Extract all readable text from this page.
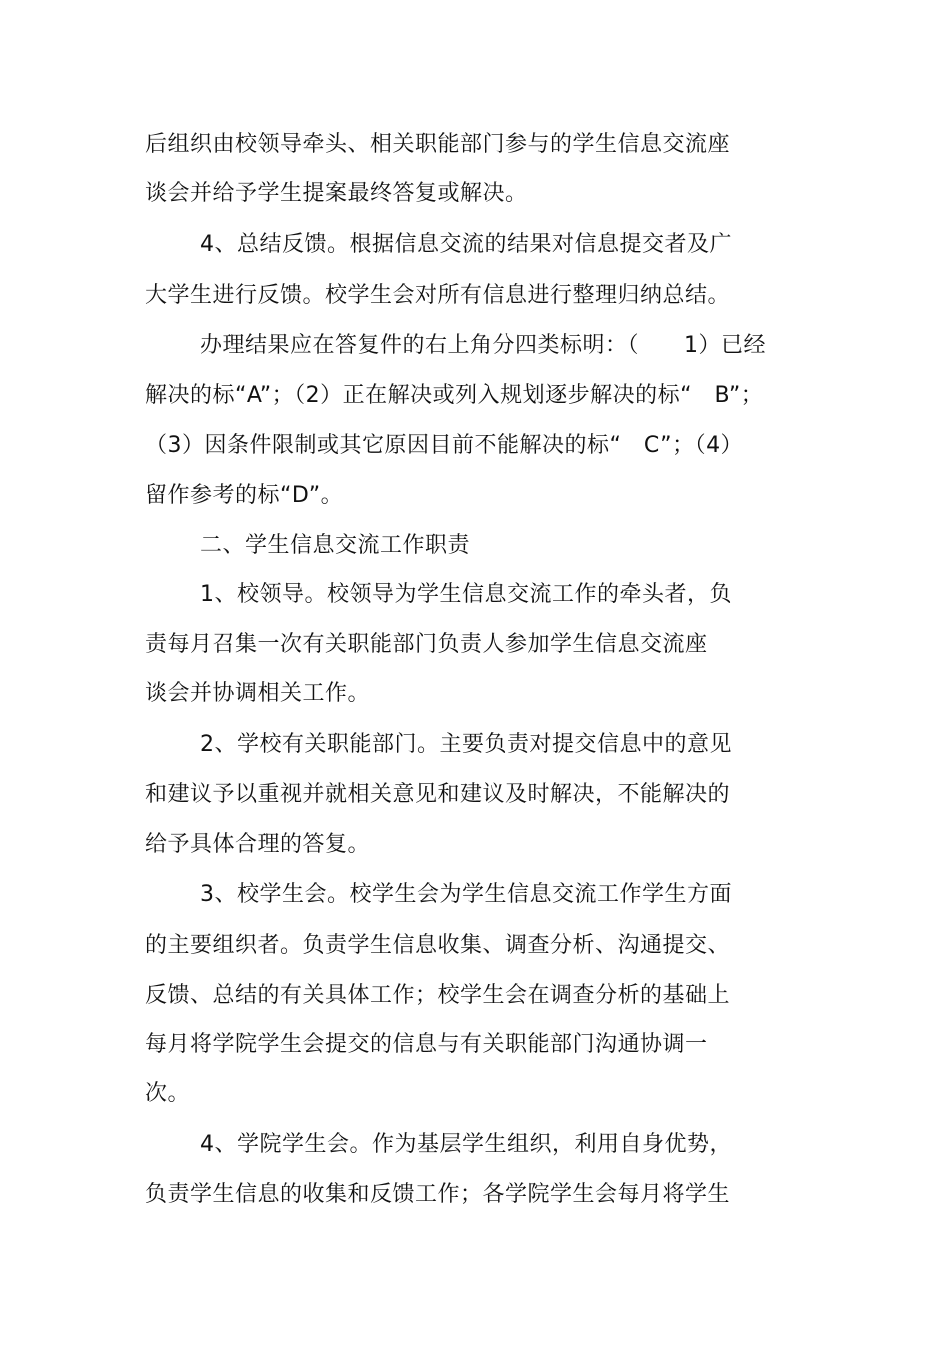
后组织由校领导牵头、相关职能部门参与的学生信息交流座
谈会并给予学生提案最终答复或解决。
4、总结反馈。根据信息交流的结果对信息提交者及广
大学生进行反馈。校学生会对所有信息进行整理归纳总结。
办理结果应在答复件的右上角分四类标明：（　　1）已经
解决的标“A”；（2）正在解决或列入规划逐步解决的标“　B”；
（3）因条件限制或其它原因目前不能解决的标“　C”；（4）
留作参考的标“D”。
二、学生信息交流工作职责
1、校领导。校领导为学生信息交流工作的牵头者，负
责每月召集一次有关职能部门负责人参加学生信息交流座
谈会并协调相关工作。
2、学校有关职能部门。主要负责对提交信息中的意见
和建议予以重视并就相关意见和建议及时解决，不能解决的
给予具体合理的答复。
3、校学生会。校学生会为学生信息交流工作学生方面
的主要组织者。负责学生信息收集、调查分析、沟通提交、
反馈、总结的有关具体工作；校学生会在调查分析的基础上
每月将学院学生会提交的信息与有关职能部门沟通协调一
次。
4、学院学生会。作为基层学生组织，利用自身优势，
负责学生信息的收集和反馈工作；各学院学生会每月将学生
